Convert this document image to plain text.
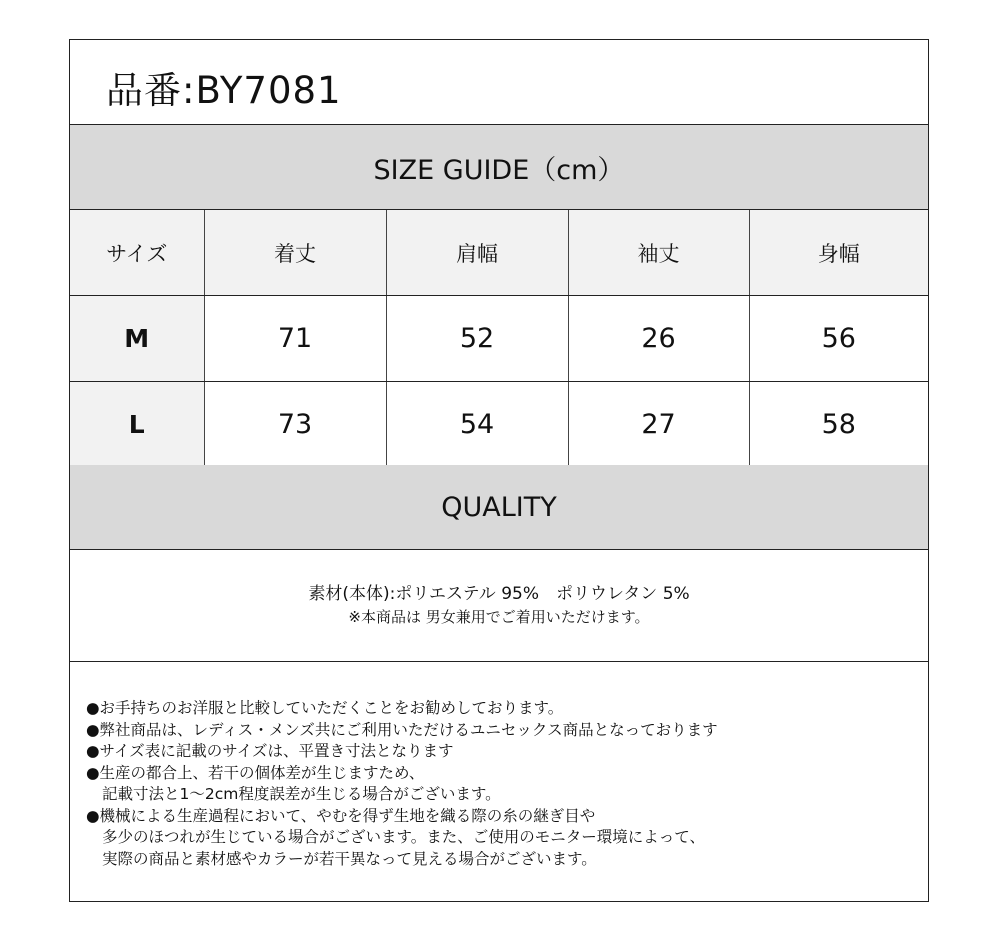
品番:BY7081
SIZE GUIDE（cm）
サイズ	着丈	肩幅	袖丈	身幅
M	71	52	26	56
L	73	54	27	58
QUALITY
素材(本体):ポリエステル 95%　ポリウレタン 5%
※本商品は 男女兼用でご着用いただけます。
●お手持ちのお洋服と比較していただくことをお勧めしております。
●弊社商品は、レディス・メンズ共にご利用いただけるユニセックス商品となっております
●サイズ表に記載のサイズは、平置き寸法となります
●生産の都合上、若干の個体差が生じますため、
記載寸法と1～2cm程度誤差が生じる場合がございます。
●機械による生産過程において、やむを得ず生地を織る際の糸の継ぎ目や
多少のほつれが生じている場合がございます。また、ご使用のモニター環境によって、
実際の商品と素材感やカラーが若干異なって見える場合がございます。
